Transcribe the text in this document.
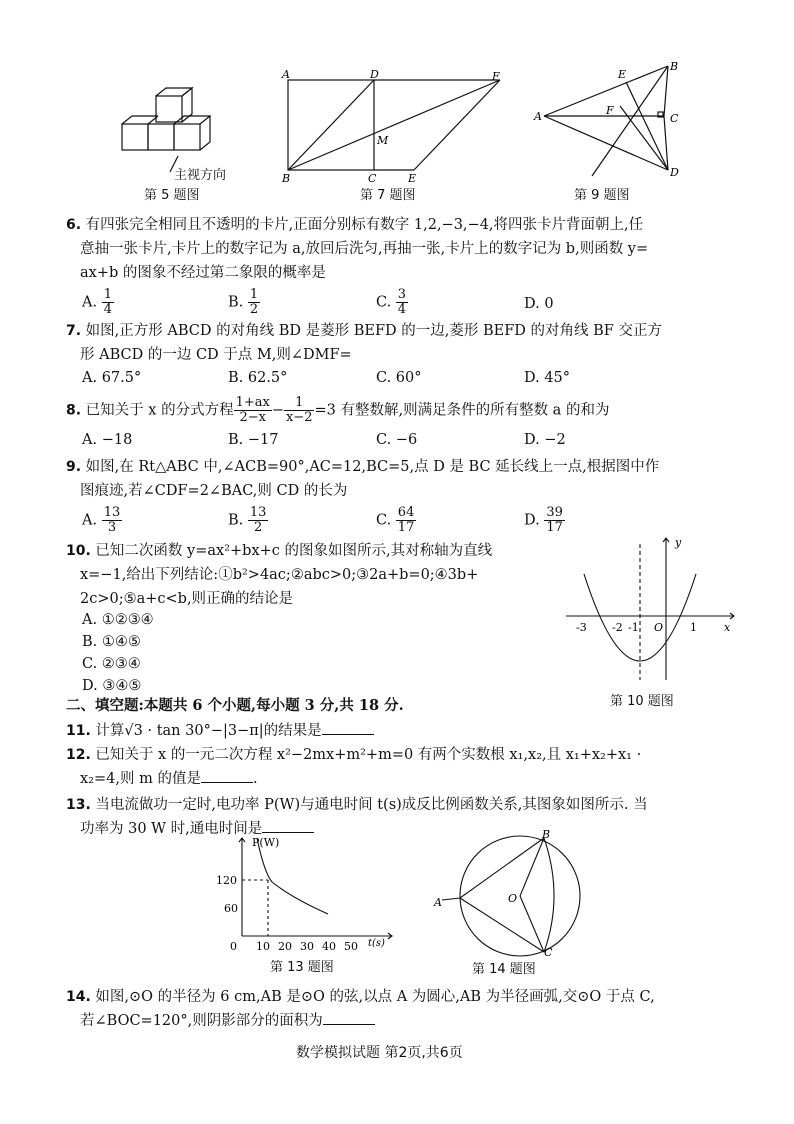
主视方向
第 5 题图
A	D	F
B	C	E
M
第 7 题图
A
B
C
D
E
F
第 9 题图
6. 有四张完全相同且不透明的卡片,正面分别标有数字 1,2,−3,−4,将四张卡片背面朝上,任
意抽一张卡片,卡片上的数字记为 a,放回后洗匀,再抽一张,卡片上的数字记为 b,则函数 y=
ax+b 的图象不经过第二象限的概率是
A. $\frac{1}{4}$	B. $\frac{1}{2}$	C. $\frac{3}{4}$	D. 0
7. 如图,正方形 ABCD 的对角线 BD 是菱形 BEFD 的一边,菱形 BEFD 的对角线 BF 交正方
形 ABCD 的一边 CD 于点 M,则∠DMF=
A. 67.5°	B. 62.5°	C. 60°	D. 45°
8. 已知关于 x 的分式方程 $\frac{1+ax}{2-x} - \frac{1}{x-2} =3$ 有整数解,则满足条件的所有整数 a 的和为
A. −18	B. −17	C. −6	D. −2
9. 如图,在 Rt△ABC 中,∠ACB=90°,AC=12,BC=5,点 D 是 BC 延长线上一点,根据图中作
图痕迹,若∠CDF=2∠BAC,则 CD 的长为
A. $\frac{13}{3}$	B. $\frac{13}{2}$	C. $\frac{64}{17}$	D. $\frac{39}{17}$
10. 已知二次函数 y=ax²+bx+c 的图象如图所示,其对称轴为直线
x=−1,给出下列结论:①b²>4ac;②abc>0;③2a+b=0;④3b+
2c>0;⑤a+c<b,则正确的结论是
A. ①②③④
B. ①④⑤
C. ②③④
D. ③④⑤
y
x
-3 -2 -1 O 1
第 10 题图
二、填空题:本题共 6 个小题,每小题 3 分,共 18 分.
11. 计算√3 · tan 30°−|3−π|的结果是
12. 已知关于 x 的一元二次方程 x²−2mx+m²+m=0 有两个实数根 x₁,x₂,且 x₁+x₂+x₁ ·
x₂=4,则 m 的值是	.
13. 当电流做功一定时,电功率 P(W)与通电时间 t(s)成反比例函数关系,其图象如图所示. 当
功率为 30 W 时,通电时间是
P(W)
120
60
0 10 20 30 40 50 t(s)
第 13 题图
O
A
B
C
第 14 题图
14. 如图,⊙O 的半径为 6 cm,AB 是⊙O 的弦,以点 A 为圆心,AB 为半径画弧,交⊙O 于点 C,
若∠BOC=120°,则阴影部分的面积为
数学模拟试题 第2页,共6页
